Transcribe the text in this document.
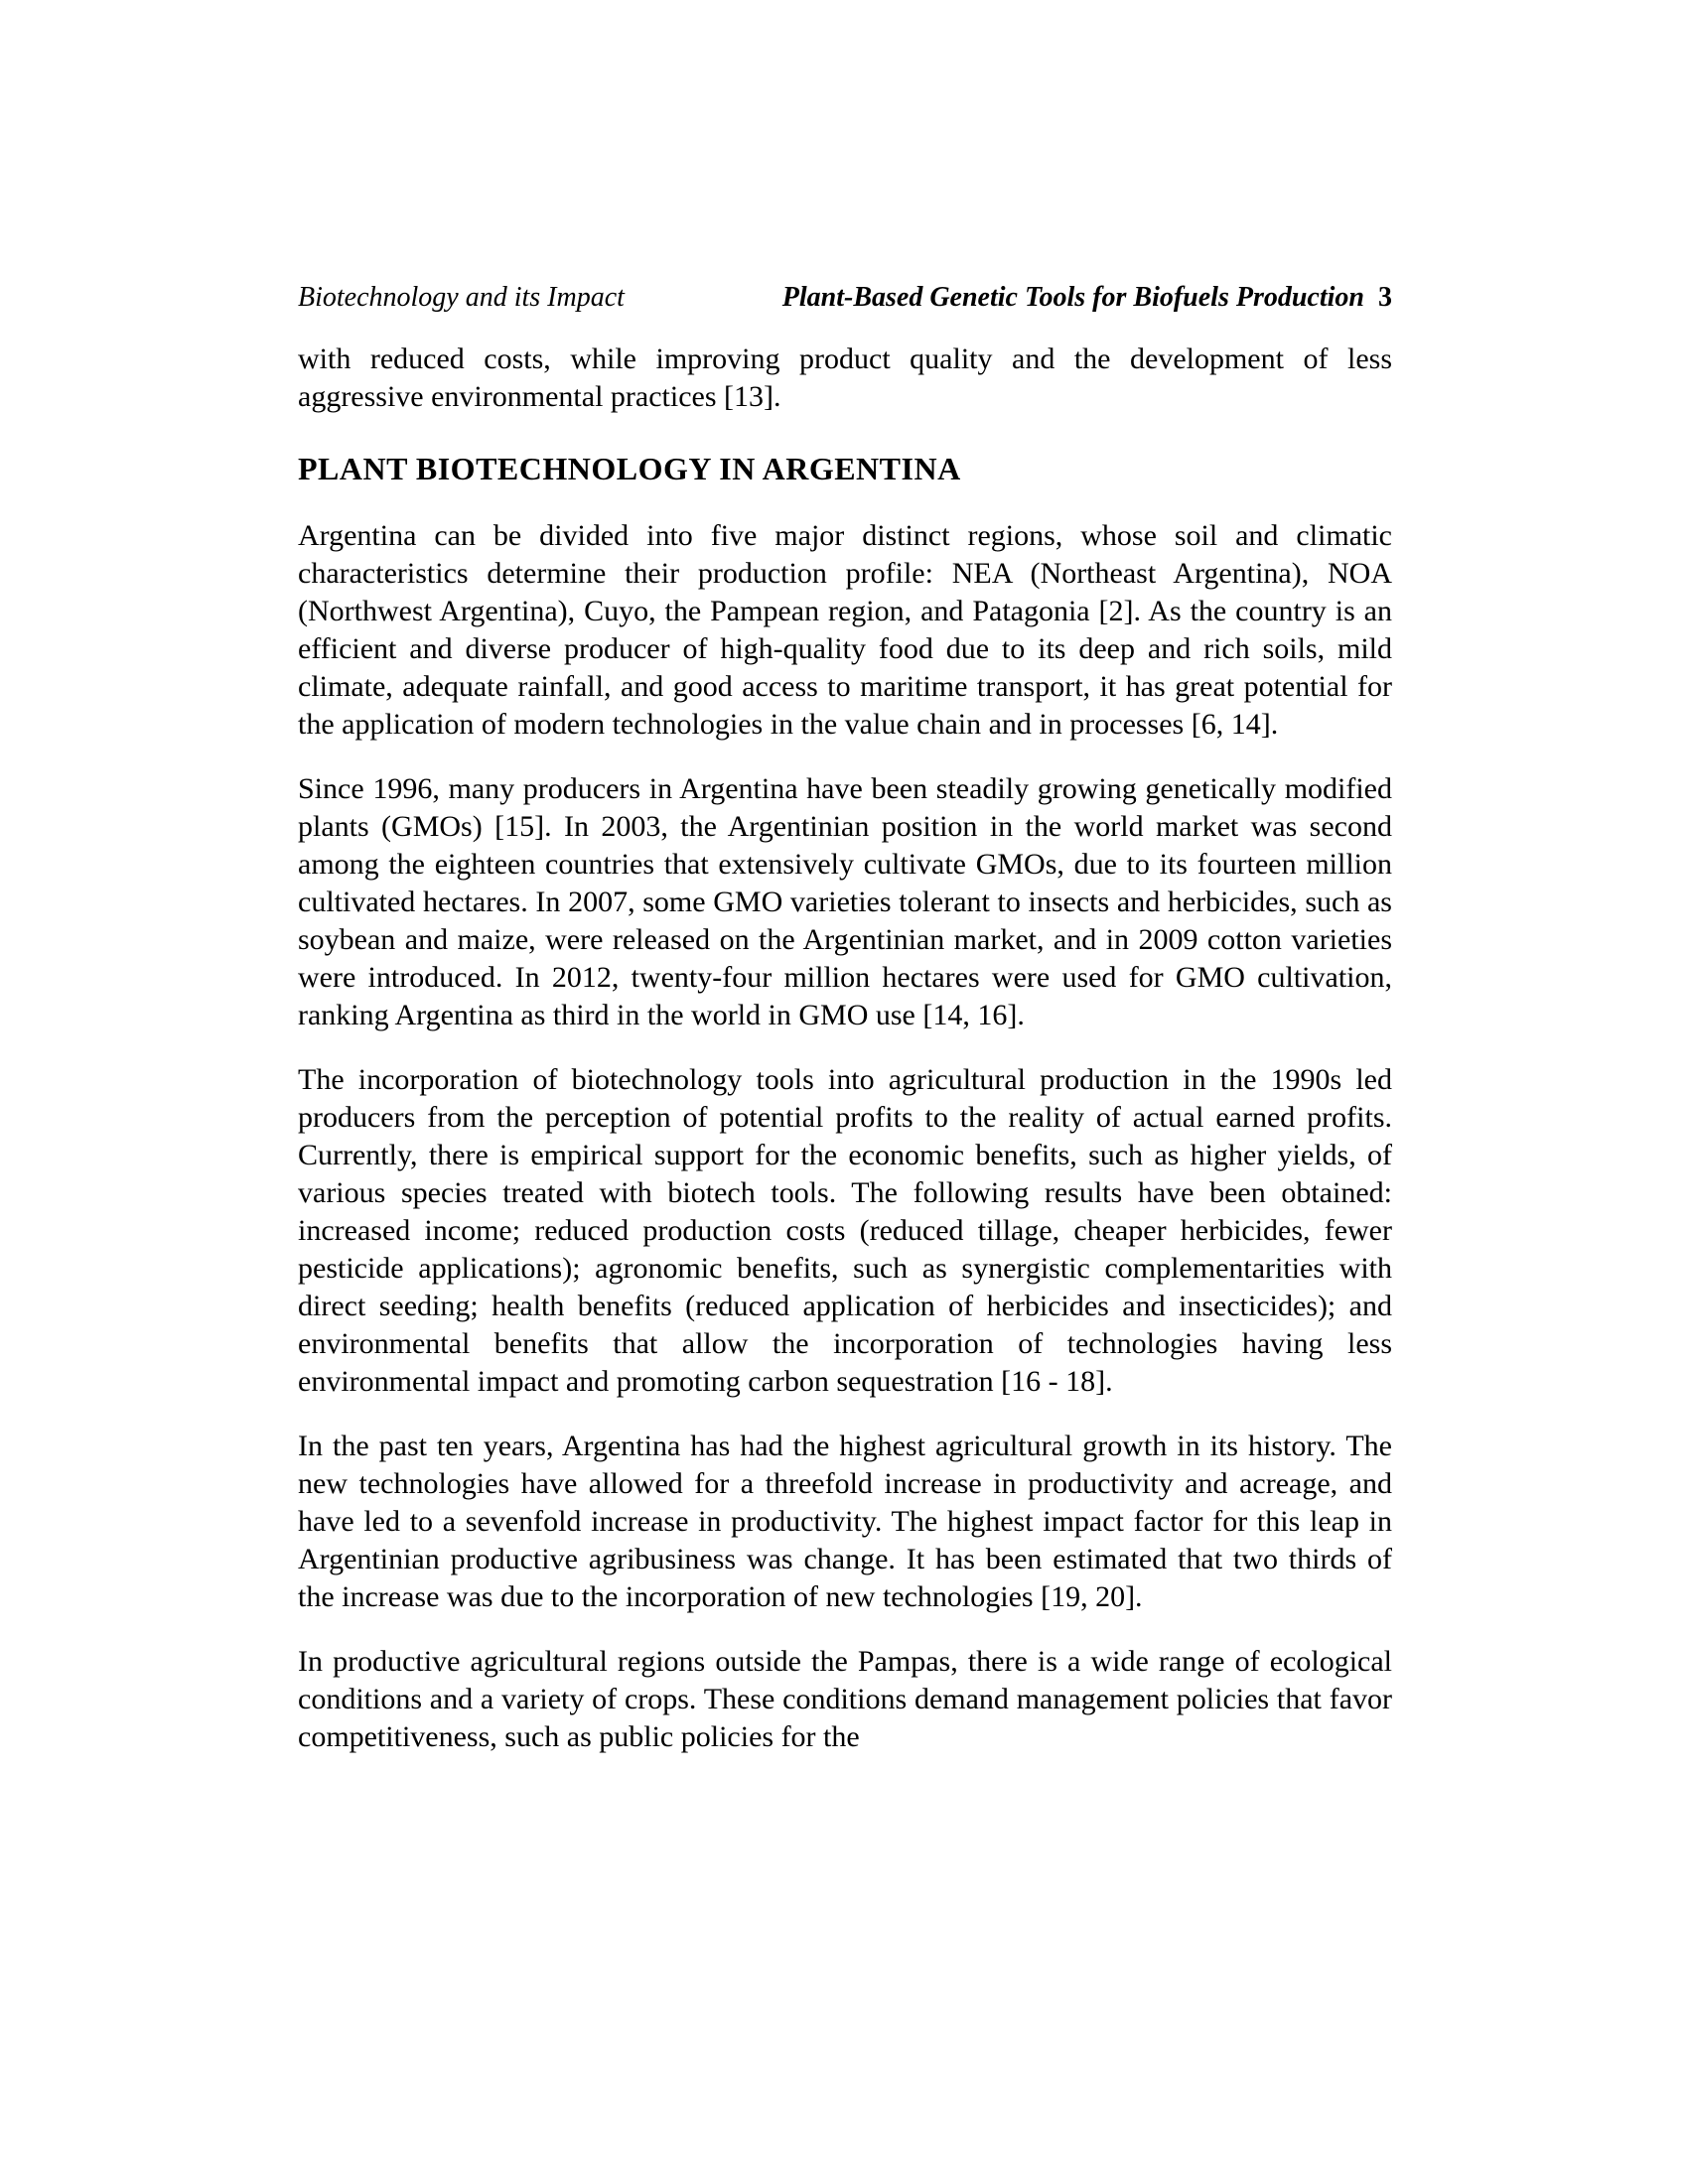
Biotechnology and its Impact	Plant-Based Genetic Tools for Biofuels Production 3

with reduced costs, while improving product quality and the development of less aggressive environmental practices [13].

PLANT BIOTECHNOLOGY IN ARGENTINA

Argentina can be divided into five major distinct regions, whose soil and climatic characteristics determine their production profile: NEA (Northeast Argentina), NOA (Northwest Argentina), Cuyo, the Pampean region, and Patagonia [2]. As the country is an efficient and diverse producer of high-quality food due to its deep and rich soils, mild climate, adequate rainfall, and good access to maritime transport, it has great potential for the application of modern technologies in the value chain and in processes [6, 14].

Since 1996, many producers in Argentina have been steadily growing genetically modified plants (GMOs) [15]. In 2003, the Argentinian position in the world market was second among the eighteen countries that extensively cultivate GMOs, due to its fourteen million cultivated hectares. In 2007, some GMO varieties tolerant to insects and herbicides, such as soybean and maize, were released on the Argentinian market, and in 2009 cotton varieties were introduced. In 2012, twenty-four million hectares were used for GMO cultivation, ranking Argentina as third in the world in GMO use [14, 16].

The incorporation of biotechnology tools into agricultural production in the 1990s led producers from the perception of potential profits to the reality of actual earned profits. Currently, there is empirical support for the economic benefits, such as higher yields, of various species treated with biotech tools. The following results have been obtained: increased income; reduced production costs (reduced tillage, cheaper herbicides, fewer pesticide applications); agronomic benefits, such as synergistic complementarities with direct seeding; health benefits (reduced application of herbicides and insecticides); and environmental benefits that allow the incorporation of technologies having less environmental impact and promoting carbon sequestration [16 - 18].

In the past ten years, Argentina has had the highest agricultural growth in its history. The new technologies have allowed for a threefold increase in productivity and acreage, and have led to a sevenfold increase in productivity. The highest impact factor for this leap in Argentinian productive agribusiness was change. It has been estimated that two thirds of the increase was due to the incorporation of new technologies [19, 20].

In productive agricultural regions outside the Pampas, there is a wide range of ecological conditions and a variety of crops. These conditions demand management policies that favor competitiveness, such as public policies for the
